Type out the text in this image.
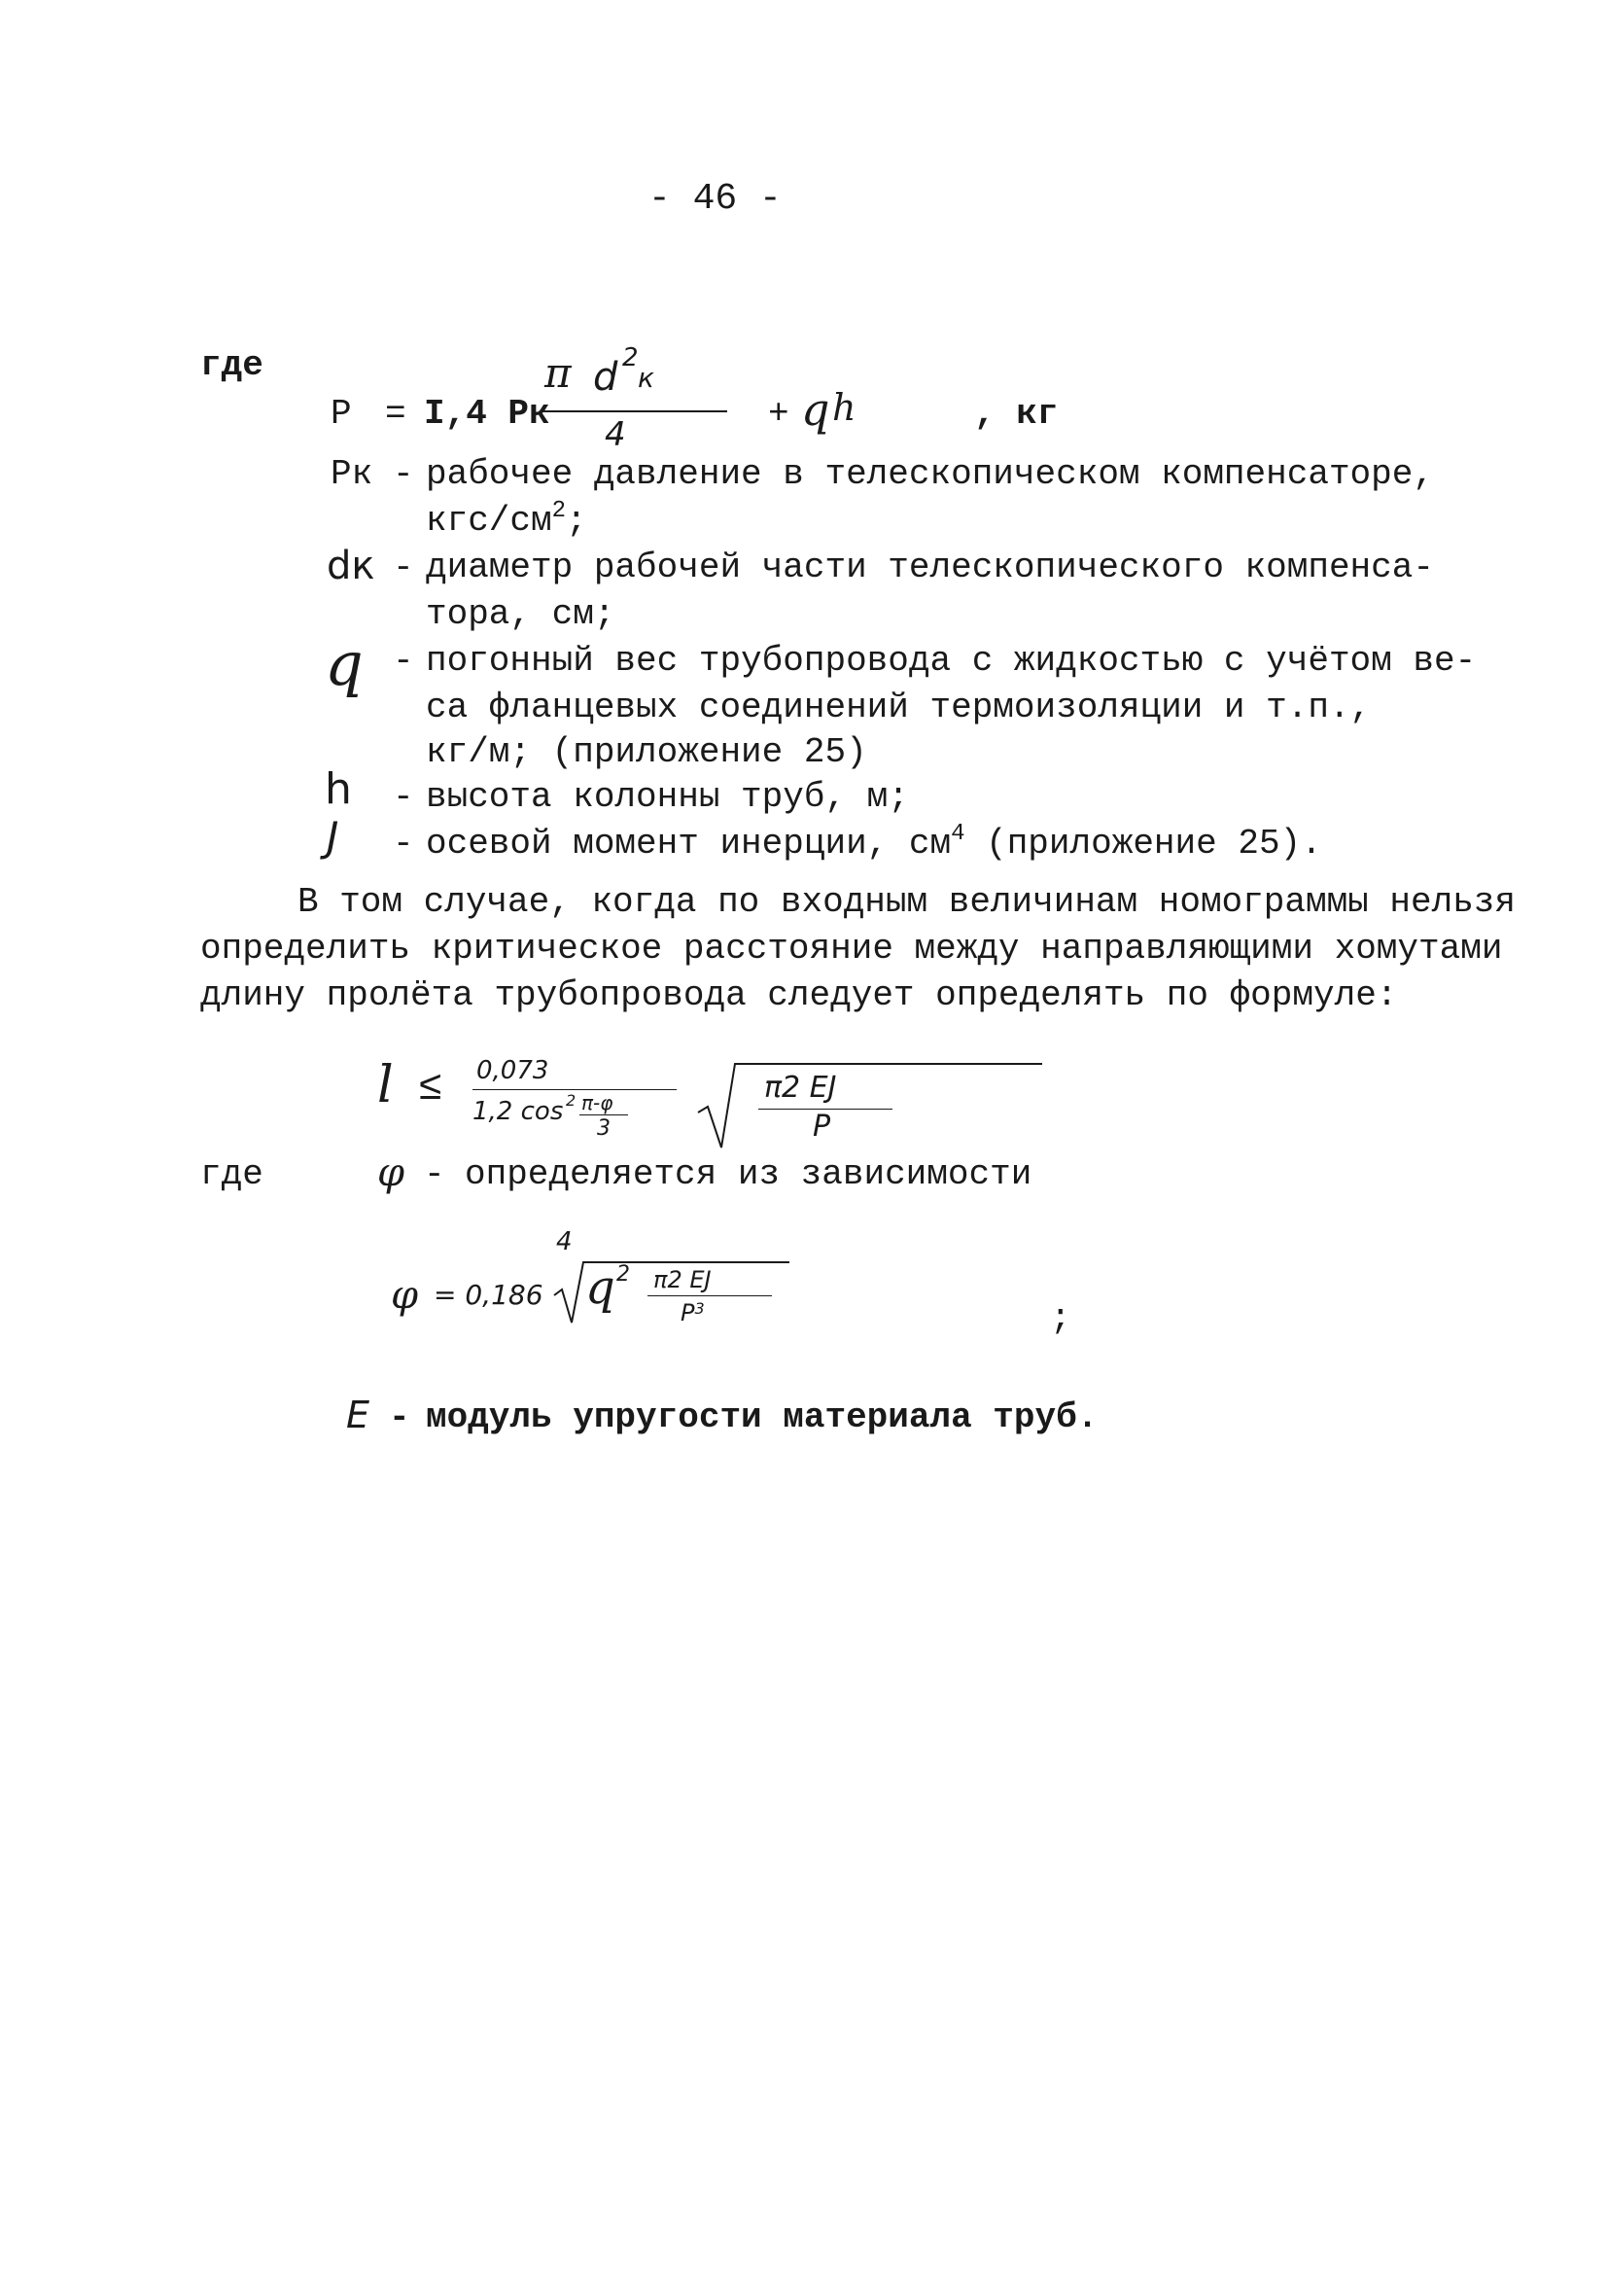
- 46 -
где
P = I,4 Рк
π d 2
к
4
+ q h	, кг
Рк - рабочее давление в телескопическом компенсаторе,
кгс/$см^2$;
dк - диаметр рабочей части телескопического компенса-
тора, см;
q - погонный вес трубопровода с жидкостью с учётом ве-
са фланцевых соединений термоизоляции и т.п.,
кг/м; (приложение 25)
h - высота колонны труб, м;
J - осевой момент инерции, $см^4$ (приложение 25).
В том случае, когда по входным величинам номограммы нельзя
определить критическое расстояние между направляющими хомутами
длину пролёта трубопровода следует определять по формуле:
l ≤ 0,073
1,2 cos 2 π-φ
3
π2 EJ
P
где	φ - определяется из зависимости
φ = 0,186
4
q 2 π2 EJ
$P^3$	;
E - модуль упругости материала труб.
